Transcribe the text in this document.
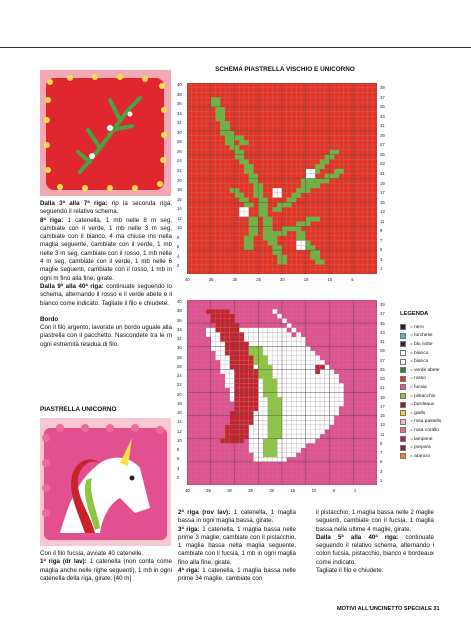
Dalla 3ª alla 7ª riga: rip la seconda riga, seguendo il relativo schema.

8ª riga: 1 catenella, 1 mb nelle 8 m seg, cambiate con il verde, 1 mb nelle 3 m seg, cambiate con il bianco, 4 ma chiuse ins nella maglia seguente, cambiate con il verde, 1 mb nelle 3 m seg, cambiate con il rosso, 1 mb nelle 4 m seg, cambiate con il verde, 1 mb nelle 6 maglie seguenti, cambiate con il rosso, 1 mb in ogni m fino alla fine, girate.

Dalla 9ª alla 40ª riga: continuate seguendo lo schema, alternando il rosso e il verde abete e il bianco come indicato. Tagliate il filo e chiudete.

Bordo

Con il filo argento, lavorate un bordo uguale alla piastrella con il pacchetto. Nascondete tra le m ogni estremità residua di filo.

PIASTRELLA UNICORNO

Con il filo fucsia, avviate 40 catenelle.

1ª riga (dr lav): 1 catenella (non conta come maglia anche nelle righe seguenti), 1 mb in ogni catenella della riga, girate. [40 m]

SCHEMA PIASTRELLA VISCHIO E UNICORNO
40
38
36
34
32
30
28
26
24
22
20
18
16
14
12
10
8
6
4
2
39
37
35
33
31
29
27
25
23
21
19
17
15
13
11
9
7
5
3
1
40	35	30	25	20	15	10	5
40
38
36
34
32
30
28
26
24
22
20
18
16
14
12
10
8
6
4
2
39
37
35
33
31
29
27
25
23
21
19
17
15
13
11
9
7
5
3
1
40	35	30	25	20	15	10	5	1
LEGENDA
= nero
= turchese
= blu notte
= bianco
= bianco
= verde abete
= rosso
= fucsia
= pistacchio
= bordeaux
= giallo
= rosa pastello
= rosa corallo
= lampone
= porpora
= arancio

2ª riga (rov lav): 1 catenella, 1 maglia bassa in ogni maglia bassa, girate.

3ª riga: 1 catenella, 1 maglia bassa nelle prime 3 maglie, cambiate con il pistacchio, 1 maglia bassa nella maglia seguente, cambiate con il fucsia, 1 mb in ogni maglia fino alla fine, girate.

4ª riga: 1 catenella, 1 maglia bassa nelle prime 34 maglie, cambiate con

il pistacchio, 1 maglia bassa nelle 2 maglie seguenti, cambiate con il fucsia, 1 maglia bassa nelle ultime 4 maglie, girate.

Dalla 5ª alla 40ª riga: continuate seguendo il relativo schema, alternando i colori fucsia, pistacchio, bianco e bordeaux come indicato.

Tagliate il filo e chiudete.

MOTIVI ALL'UNCINETTO SPECIALE 31
